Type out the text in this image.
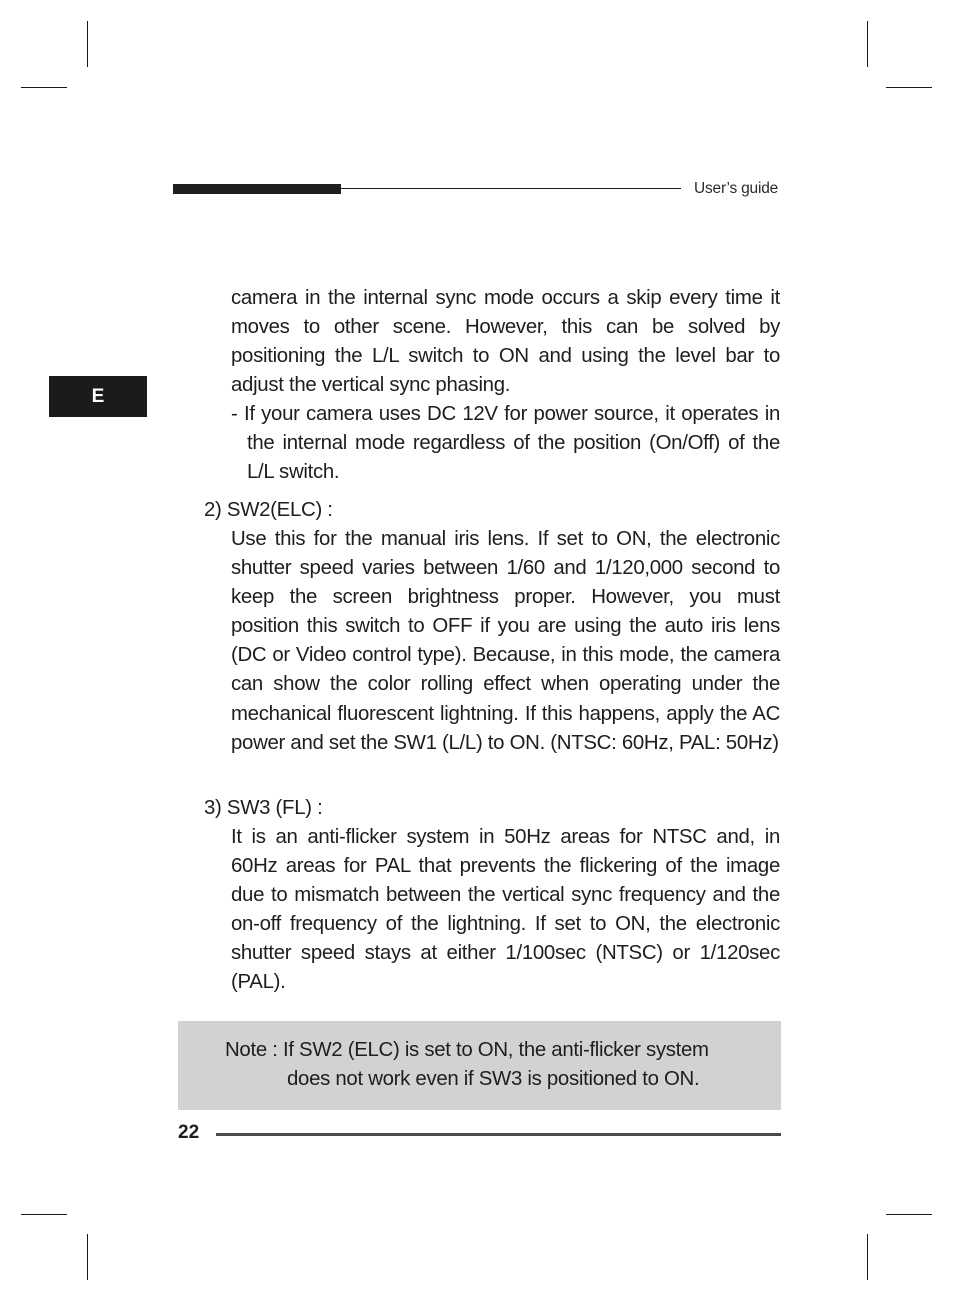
User’s guide
E

camera in the internal sync mode occurs a skip every time it moves to other scene. However, this can be solved by positioning the L/L switch to ON and using the level bar to adjust the vertical sync phasing.

- If your camera uses DC 12V for power source, it operates in the internal mode regardless of the position (On/Off) of the L/L switch.

2) SW2(ELC) :

Use this for the manual iris lens. If set to ON, the electronic shutter speed varies between 1/60 and 1/120,000 second to keep the screen brightness proper. However, you must position this switch to OFF if you are using the auto iris lens (DC or Video control type). Because, in this mode, the camera can show the color rolling effect when operating under the mechanical fluorescent lightning. If this happens, apply the AC power and set the SW1 (L/L) to ON. (NTSC: 60Hz, PAL: 50Hz)

3) SW3 (FL) :

It is an anti-flicker system in 50Hz areas for NTSC and, in 60Hz areas for PAL that prevents the flickering of the image due to mismatch between the vertical sync frequency and the on-off frequency of the lightning. If set to ON, the electronic shutter speed stays at either 1/100sec (NTSC) or 1/120sec (PAL).

Note : If SW2 (ELC) is set to ON, the anti-flicker system
does not work even if SW3 is positioned to ON.
22
